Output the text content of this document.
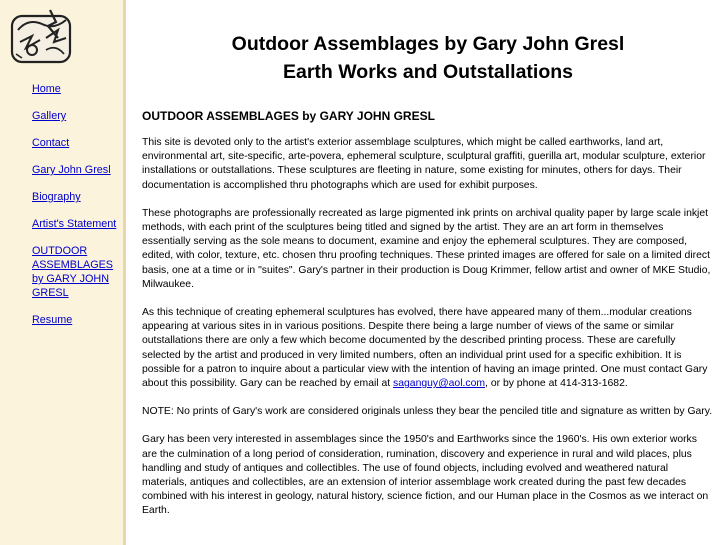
Home
Gallery
Contact
Gary John Gresl
Biography
Artist's Statement
OUTDOOR ASSEMBLAGES by GARY JOHN GRESL
Resume
Outdoor Assemblages by Gary John Gresl
Earth Works and Outstallations
OUTDOOR ASSEMBLAGES by GARY JOHN GRESL

This site is devoted only to the artist's exterior assemblage sculptures, which might be called earthworks, land art, environmental art, site-specific, arte-povera, ephemeral sculpture, sculptural graffiti, guerilla art, modular sculpture, exterior installations or outstallations. These sculptures are fleeting in nature, some existing for minutes, others for days. Their documentation is accomplished thru photographs which are used for exhibit purposes.

These photographs are professionally recreated as large pigmented ink prints on archival quality paper by large scale inkjet methods, with each print of the sculptures being titled and signed by the artist. They are an art form in themselves essentially serving as the sole means to document, examine and enjoy the ephemeral sculptures. They are composed, edited, with color, texture, etc. chosen thru proofing techniques. These printed images are offered for sale on a limited direct basis, one at a time or in "suites". Gary's partner in their production is Doug Krimmer, fellow artist and owner of MKE Studio, Milwaukee.

As this technique of creating ephemeral sculptures has evolved, there have appeared many of them...modular creations appearing at various sites in in various positions. Despite there being a large number of views of the same or similar outstallations there are only a few which become documented by the described printing process. These are carefully selected by the artist and produced in very limited numbers, often an individual print used for a specific exhibition. It is possible for a patron to inquire about a particular view with the intention of having an image printed. One must contact Gary about this possibility. Gary can be reached by email at saganguy@aol.com, or by phone at 414-313-1682.

NOTE: No prints of Gary's work are considered originals unless they bear the penciled title and signature as written by Gary.

Gary has been very interested in assemblages since the 1950's and Earthworks since the 1960's. His own exterior works are the culmination of a long period of consideration, rumination, discovery and experience in rural and wild places, plus handling and study of antiques and collectibles. The use of found objects, including evolved and weathered natural materials, antiques and collectibles, are an extension of interior assemblage work created during the past few decades combined with his interest in geology, natural history, science fiction, and our Human place in the Cosmos as we interact on Earth.
